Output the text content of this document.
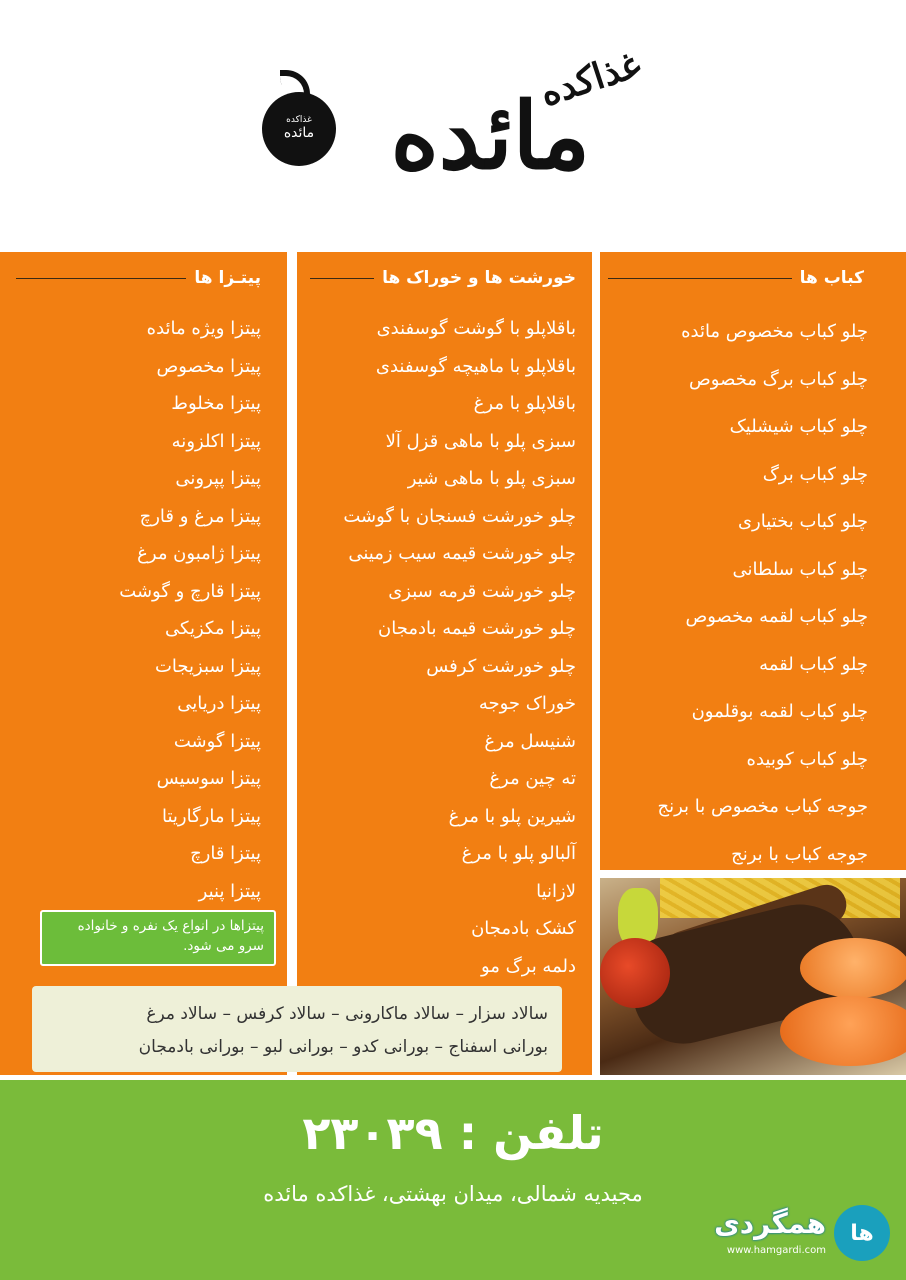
غذاکده
مائده
غذاکده
مائده
پیتـزا ها
پیتزا ویژه مائده
پیتزا مخصوص
پیتزا مخلوط
پیتزا اکلزونه
پیتزا پپرونی
پیتزا مرغ و قارچ
پیتزا ژامبون مرغ
پیتزا قارچ و گوشت
پیتزا مکزیکی
پیتزا سبزیجات
پیتزا دریایی
پیتزا گوشت
پیتزا سوسیس
پیتزا مارگاریتا
پیتزا قارچ
پیتزا پنیر
پیتزاها در انواع یک نفره و خانواده سرو می شود.
خورشت ها و خوراک ها
باقلاپلو با گوشت گوسفندی
باقلاپلو با ماهیچه گوسفندی
باقلاپلو با مرغ
سبزی پلو با ماهی قزل آلا
سبزی پلو با ماهی شیر
چلو خورشت فسنجان با گوشت
چلو خورشت قیمه سیب زمینی
چلو خورشت قرمه سبزی
چلو خورشت قیمه بادمجان
چلو خورشت کرفس
خوراک جوجه
شنیسل مرغ
ته چین مرغ
شیرین پلو با مرغ
آلبالو پلو با مرغ
لازانیا
کشک بادمجان
دلمه برگ مو
کباب ها
چلو کباب مخصوص مائده
چلو کباب برگ مخصوص
چلو کباب شیشلیک
چلو کباب برگ
چلو کباب بختیاری
چلو کباب سلطانی
چلو کباب لقمه مخصوص
چلو کباب لقمه
چلو کباب لقمه بوقلمون
چلو کباب کوبیده
جوجه کباب مخصوص با برنج
جوجه کباب با برنج
سالاد سزار – سالاد ماکارونی – سالاد کرفس – سالاد مرغ
بورانی اسفناج – بورانی کدو – بورانی لبو – بورانی بادمجان
تلفن : ۲۳۰۳۹
مجیدیه شمالی، میدان بهشتی، غذاکده مائده
ها
همگردی
www.hamgardi.com
